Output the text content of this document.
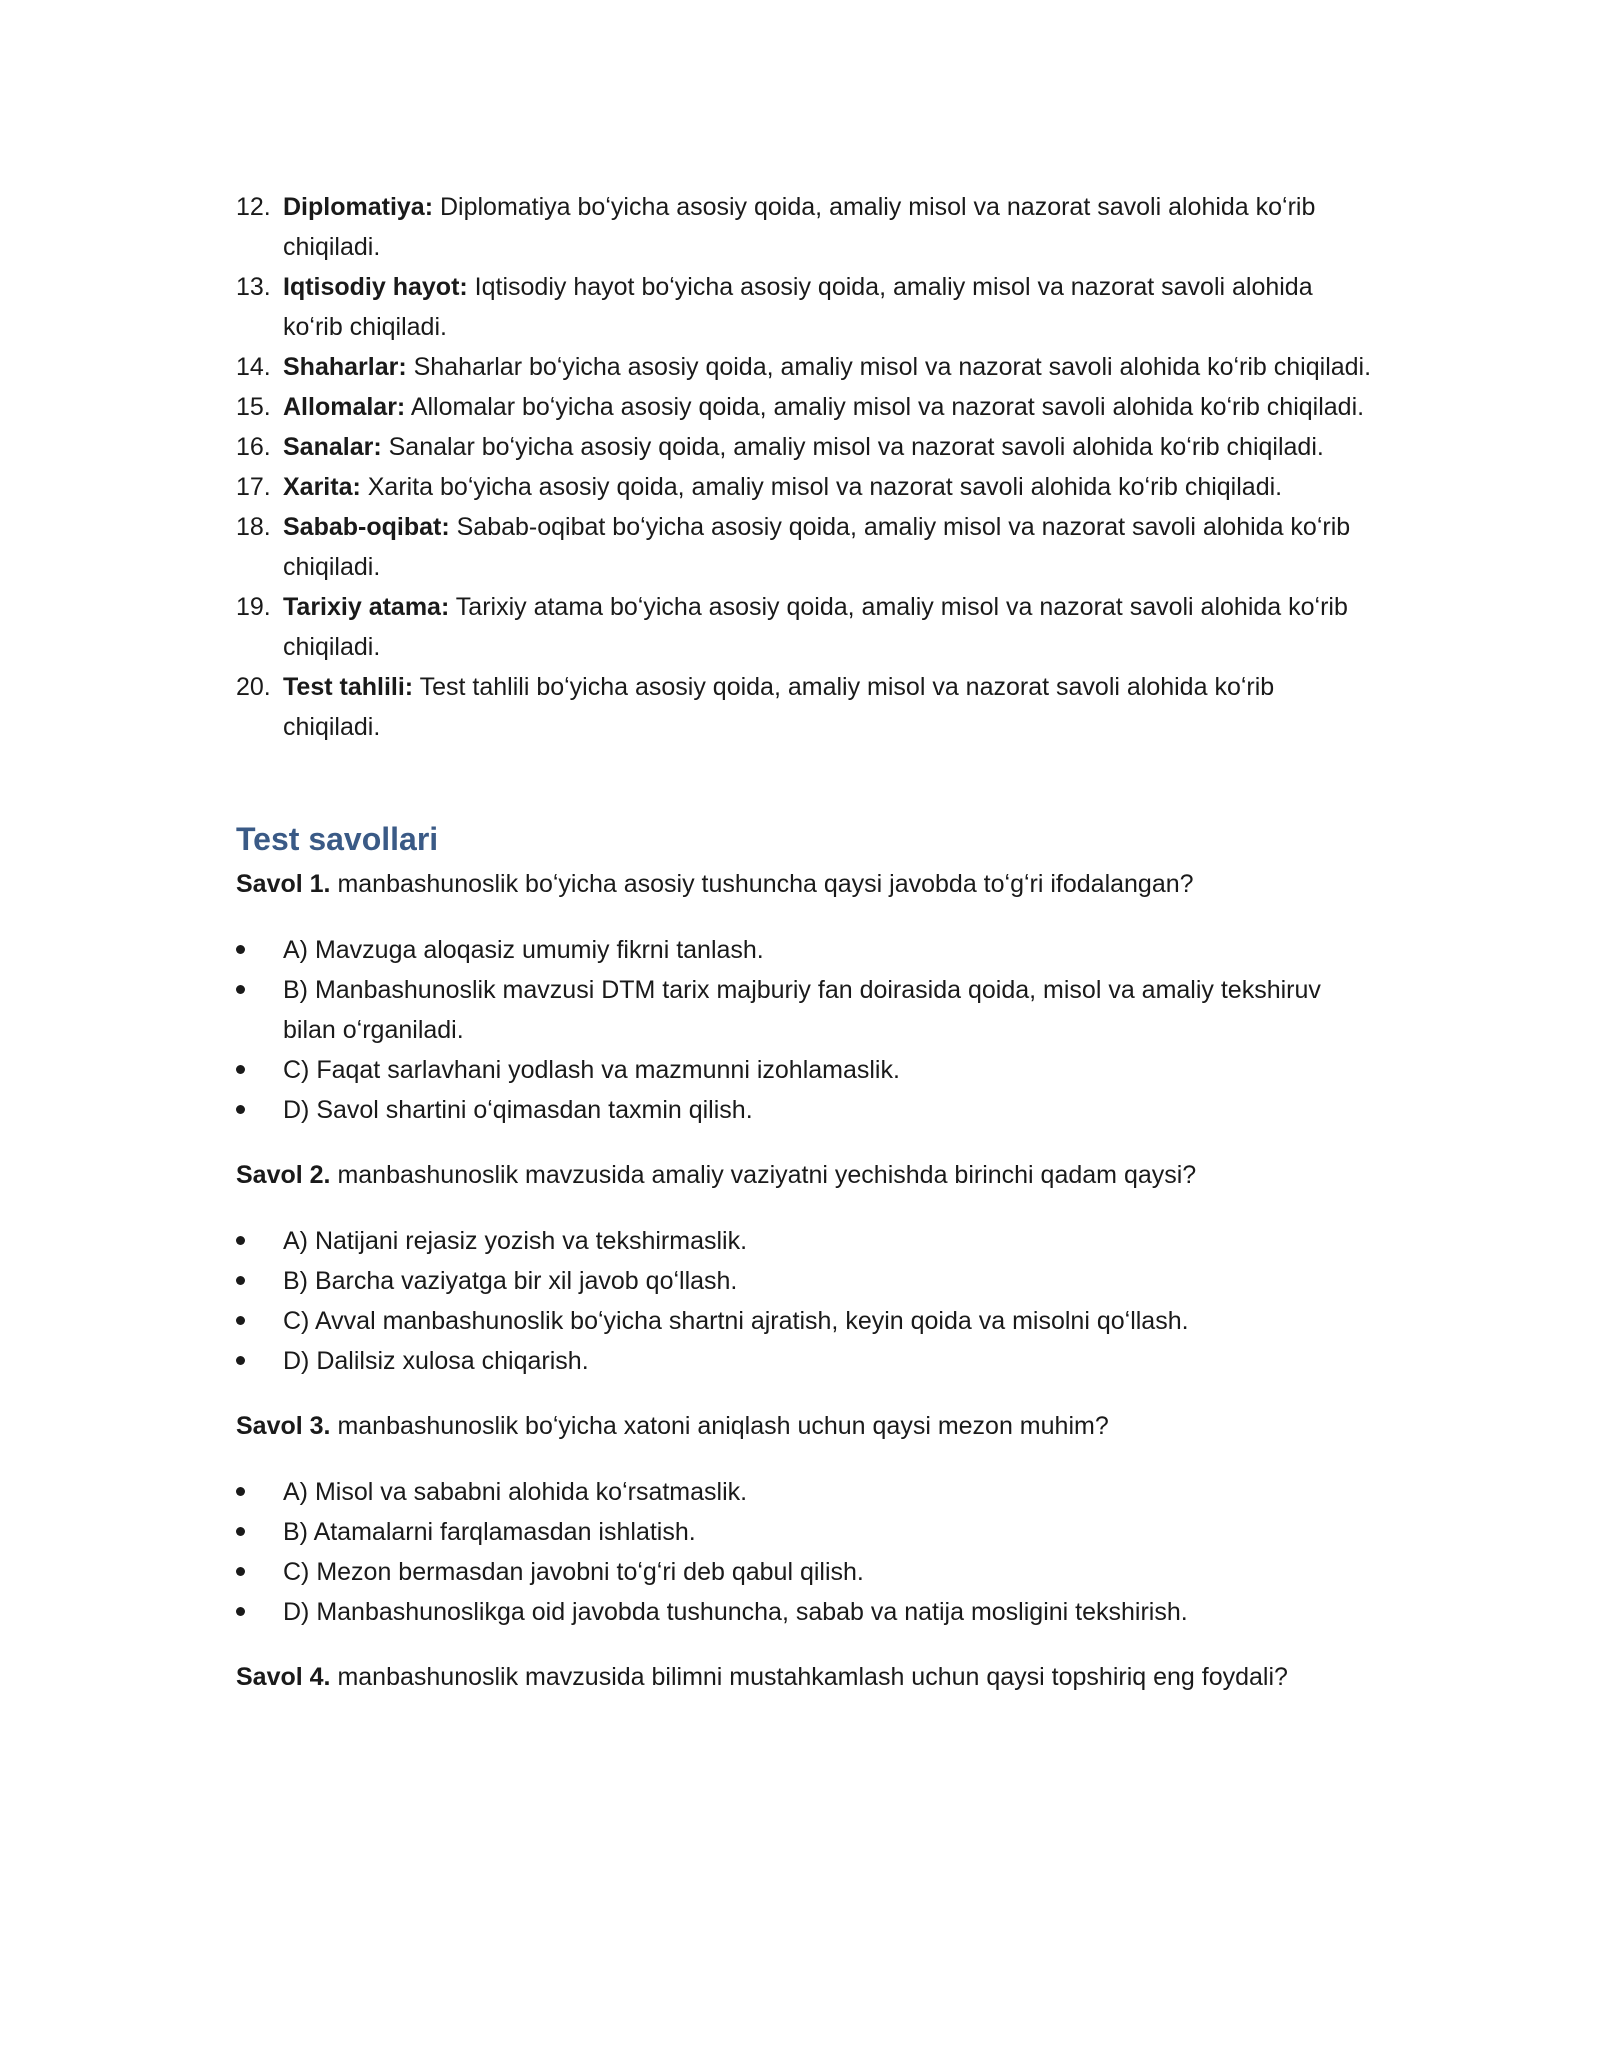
12. Diplomatiya: Diplomatiya boʻyicha asosiy qoida, amaliy misol va nazorat savoli alohida koʻrib chiqiladi.
13. Iqtisodiy hayot: Iqtisodiy hayot boʻyicha asosiy qoida, amaliy misol va nazorat savoli alohida koʻrib chiqiladi.
14. Shaharlar: Shaharlar boʻyicha asosiy qoida, amaliy misol va nazorat savoli alohida koʻrib chiqiladi.
15. Allomalar: Allomalar boʻyicha asosiy qoida, amaliy misol va nazorat savoli alohida koʻrib chiqiladi.
16. Sanalar: Sanalar boʻyicha asosiy qoida, amaliy misol va nazorat savoli alohida koʻrib chiqiladi.
17. Xarita: Xarita boʻyicha asosiy qoida, amaliy misol va nazorat savoli alohida koʻrib chiqiladi.
18. Sabab-oqibat: Sabab-oqibat boʻyicha asosiy qoida, amaliy misol va nazorat savoli alohida koʻrib chiqiladi.
19. Tarixiy atama: Tarixiy atama boʻyicha asosiy qoida, amaliy misol va nazorat savoli alohida koʻrib chiqiladi.
20. Test tahlili: Test tahlili boʻyicha asosiy qoida, amaliy misol va nazorat savoli alohida koʻrib chiqiladi.
Test savollari

Savol 1. manbashunoslik boʻyicha asosiy tushuncha qaysi javobda toʻgʻri ifodalangan?

A) Mavzuga aloqasiz umumiy fikrni tanlash.
B) Manbashunoslik mavzusi DTM tarix majburiy fan doirasida qoida, misol va amaliy tekshiruv bilan oʻrganiladi.
C) Faqat sarlavhani yodlash va mazmunni izohlamaslik.
D) Savol shartini oʻqimasdan taxmin qilish.

Savol 2. manbashunoslik mavzusida amaliy vaziyatni yechishda birinchi qadam qaysi?

A) Natijani rejasiz yozish va tekshirmaslik.
B) Barcha vaziyatga bir xil javob qoʻllash.
C) Avval manbashunoslik boʻyicha shartni ajratish, keyin qoida va misolni qoʻllash.
D) Dalilsiz xulosa chiqarish.

Savol 3. manbashunoslik boʻyicha xatoni aniqlash uchun qaysi mezon muhim?

A) Misol va sababni alohida koʻrsatmaslik.
B) Atamalarni farqlamasdan ishlatish.
C) Mezon bermasdan javobni toʻgʻri deb qabul qilish.
D) Manbashunoslikga oid javobda tushuncha, sabab va natija mosligini tekshirish.

Savol 4. manbashunoslik mavzusida bilimni mustahkamlash uchun qaysi topshiriq eng foydali?
